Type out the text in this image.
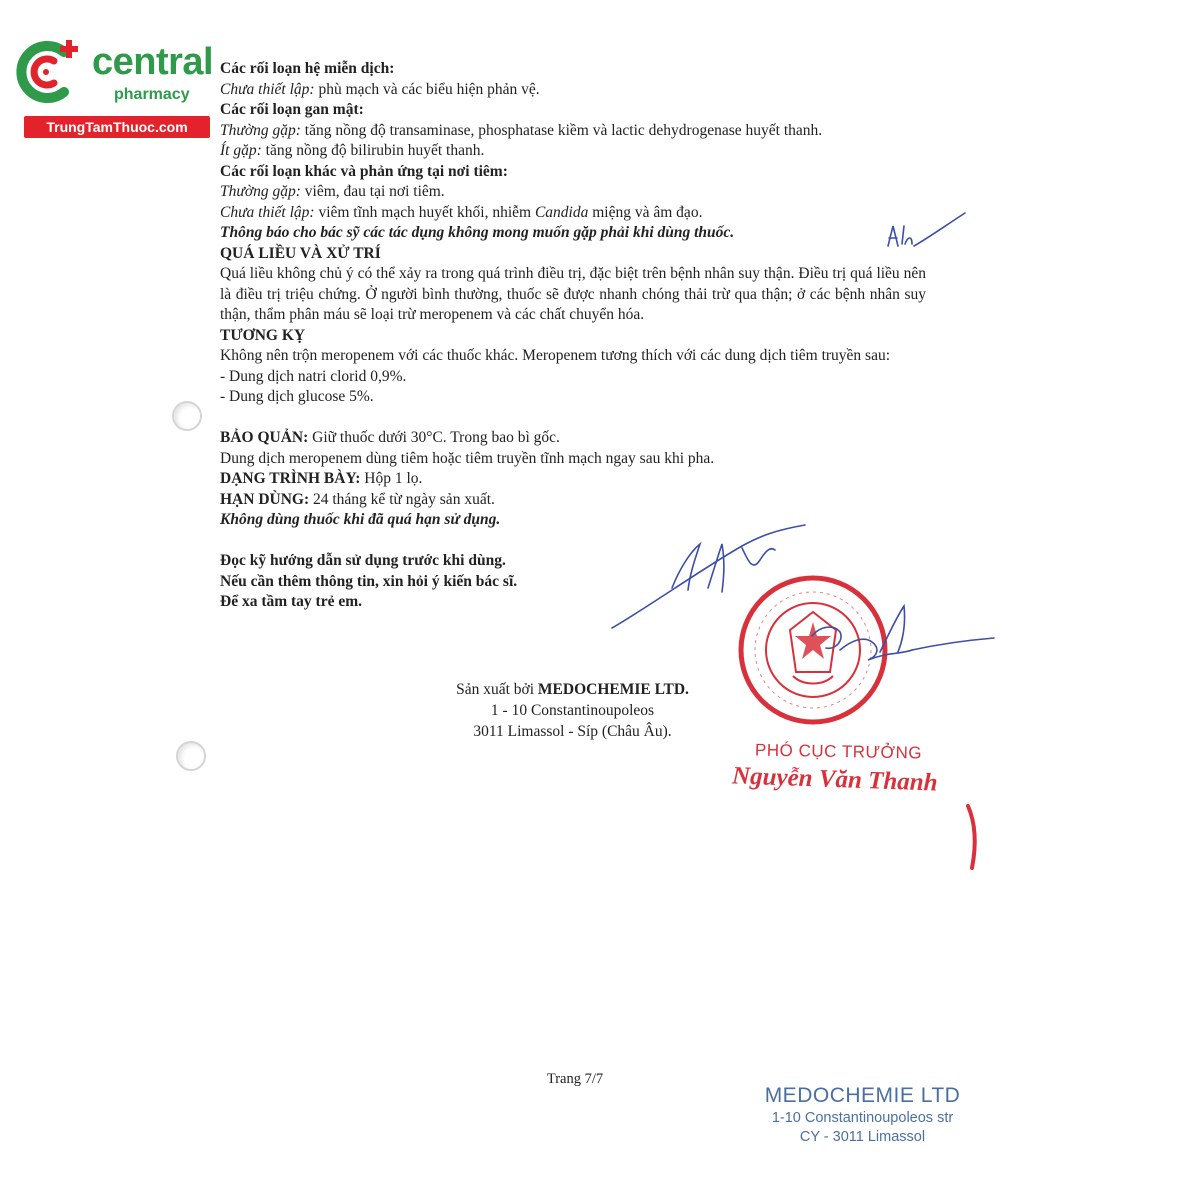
central
pharmacy
TrungTamThuoc.com

Các rối loạn hệ miễn dịch:

Chưa thiết lập: phù mạch và các biểu hiện phản vệ.

Các rối loạn gan mật:

Thường gặp: tăng nồng độ transaminase, phosphatase kiềm và lactic dehydrogenase huyết thanh.

Ít gặp: tăng nồng độ bilirubin huyết thanh.

Các rối loạn khác và phản ứng tại nơi tiêm:

Thường gặp: viêm, đau tại nơi tiêm.

Chưa thiết lập: viêm tĩnh mạch huyết khối, nhiễm Candida miệng và âm đạo.

Thông báo cho bác sỹ các tác dụng không mong muốn gặp phải khi dùng thuốc.

QUÁ LIỀU VÀ XỬ TRÍ

Quá liều không chủ ý có thể xảy ra trong quá trình điều trị, đặc biệt trên bệnh nhân suy thận. Điều trị quá liều nên là điều trị triệu chứng. Ở người bình thường, thuốc sẽ được nhanh chóng thải trừ qua thận; ở các bệnh nhân suy thận, thẩm phân máu sẽ loại trừ meropenem và các chất chuyển hóa.

TƯƠNG KỴ

Không nên trộn meropenem với các thuốc khác. Meropenem tương thích với các dung dịch tiêm truyền sau:

- Dung dịch natri clorid 0,9%.

- Dung dịch glucose 5%.

BẢO QUẢN: Giữ thuốc dưới 30°C. Trong bao bì gốc.

Dung dịch meropenem dùng tiêm hoặc tiêm truyền tĩnh mạch ngay sau khi pha.

DẠNG TRÌNH BÀY: Hộp 1 lọ.

HẠN DÙNG: 24 tháng kể từ ngày sản xuất.

Không dùng thuốc khi đã quá hạn sử dụng.

Đọc kỹ hướng dẫn sử dụng trước khi dùng.

Nếu cần thêm thông tin, xin hỏi ý kiến bác sĩ.

Để xa tầm tay trẻ em.

Sản xuất bởi MEDOCHEMIE LTD.
1 - 10 Constantinoupoleos
3011 Limassol - Síp (Châu Âu).
PHÓ CỤC TRƯỞNG
Nguyễn Văn Thanh
Trang 7/7
MEDOCHEMIE LTD
1-10 Constantinoupoleos str
CY - 3011 Limassol
